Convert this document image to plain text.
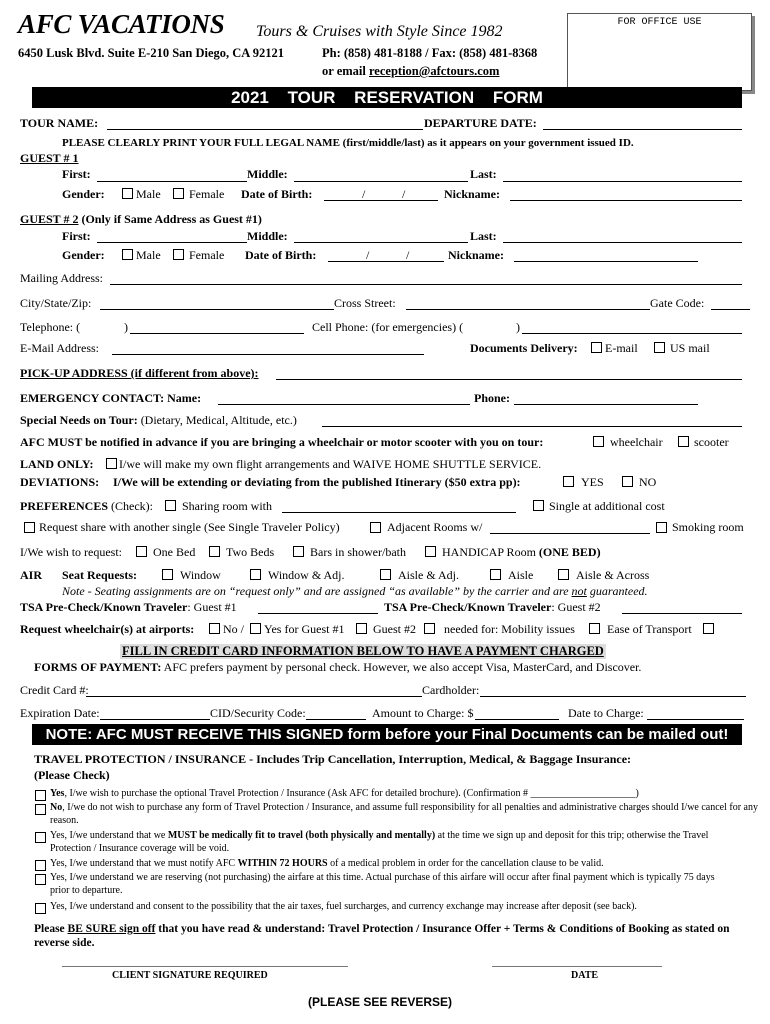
AFC VACATIONS Tours & Cruises with Style Since 1982
6450 Lusk Blvd. Suite E-210 San Diego, CA 92121	Ph: (858) 481-8188 / Fax: (858) 481-8368
or email reception@afctours.com
FOR OFFICE USE
2021 TOUR RESERVATION FORM
TOUR NAME:	DEPARTURE DATE:
PLEASE CLEARLY PRINT YOUR FULL LEGAL NAME (first/middle/last) as it appears on your government issued ID.
GUEST # 1
First:	Middle:	Last:
Gender:	Male Female Date of Birth:	/	/	Nickname:
GUEST # 2 (Only if Same Address as Guest #1)
First:	Middle:	Last:
Gender:	Male Female Date of Birth:	/	/	Nickname:
Mailing Address:
City/State/Zip:	Cross Street:	Gate Code:
Telephone: (	)	Cell Phone: (for emergencies) (	)
E-Mail Address:	Documents Delivery: E-mail	US mail
PICK-UP ADDRESS (if different from above):
EMERGENCY CONTACT: Name:	Phone:
Special Needs on Tour: (Dietary, Medical, Altitude, etc.)
AFC MUST be notified in advance if you are bringing a wheelchair or motor scooter with you on tour:	wheelchair	scooter
LAND ONLY: I/we will make my own flight arrangements and WAIVE HOME SHUTTLE SERVICE.
DEVIATIONS: I/We will be extending or deviating from the published Itinerary ($50 extra pp):	YES	NO
PREFERENCES (Check): Sharing room with	Single at additional cost
Request share with another single (See Single Traveler Policy)	Adjacent Rooms w/	Smoking room
I/We wish to request:	One Bed	Two Beds	Bars in shower/bath	HANDICAP Room (ONE BED)
AIR Seat Requests:	Window	Window & Adj.	Aisle & Adj.	Aisle	Aisle & Across
Note - Seating assignments are on “request only” and are assigned “as available” by the carrier and are not guaranteed.
TSA Pre-Check/Known Traveler: Guest #1	TSA Pre-Check/Known Traveler: Guest #2
Request wheelchair(s) at airports: No / Yes for Guest #1 Guest #2 needed for: Mobility issues	Ease of Transport
FILL IN CREDIT CARD INFORMATION BELOW TO HAVE A PAYMENT CHARGED
FORMS OF PAYMENT: AFC prefers payment by personal check. However, we also accept Visa, MasterCard, and Discover.
Credit Card #:	Cardholder:
Expiration Date:	CID/Security Code:	Amount to Charge: $	Date to Charge:
NOTE: AFC MUST RECEIVE THIS SIGNED form before your Final Documents can be mailed out!
TRAVEL PROTECTION / INSURANCE - Includes Trip Cancellation, Interruption, Medical, & Baggage Insurance:
(Please Check)
Yes, I/we wish to purchase the optional Travel Protection / Insurance (Ask AFC for detailed brochure). (Confirmation # _____________________)
No, I/we do not wish to purchase any form of Travel Protection / Insurance, and assume full responsibility for all penalties and administrative charges should I/we cancel for any reason.
Yes, I/we understand that we MUST be medically fit to travel (both physically and mentally) at the time we sign up and deposit for this trip; otherwise the Travel Protection / Insurance coverage will be void.
Yes, I/we understand that we must notify AFC WITHIN 72 HOURS of a medical problem in order for the cancellation clause to be valid.
Yes, I/we understand we are reserving (not purchasing) the airfare at this time. Actual purchase of this airfare will occur after final payment which is typically 75 days prior to departure.
Yes, I/we understand and consent to the possibility that the air taxes, fuel surcharges, and currency exchange may increase after deposit (see back).
Please BE SURE sign off that you have read & understand: Travel Protection / Insurance Offer + Terms & Conditions of Booking as stated on reverse side.
CLIENT SIGNATURE REQUIRED	DATE
(PLEASE SEE REVERSE)
